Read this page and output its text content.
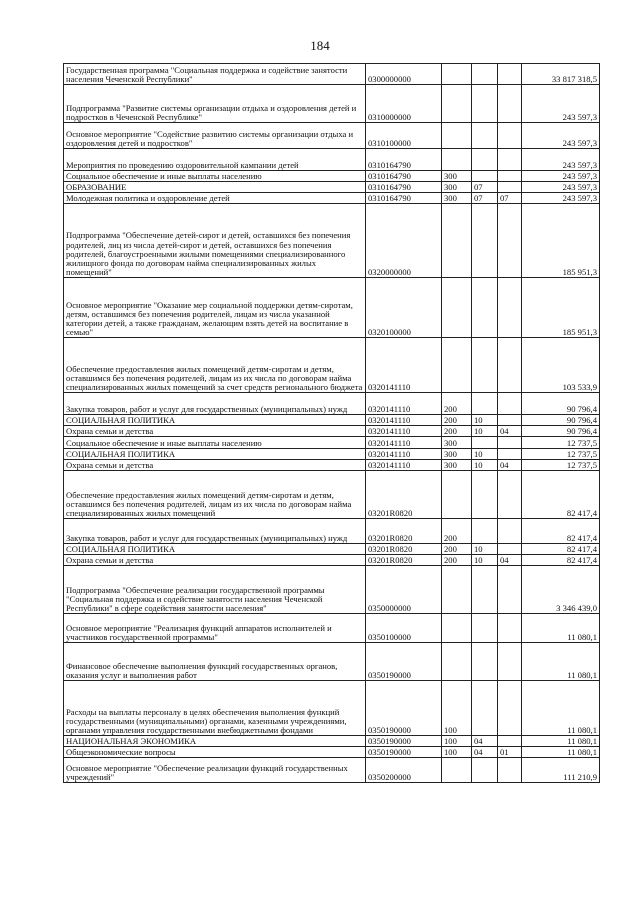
184
Государственная программа "Социальная поддержка и содействие занятости населения Чеченской Республики"	0300000000				33 817 318,5
Подпрограмма "Развитие системы организации отдыха и оздоровления детей и подростков в Чеченской Республике"	0310000000				243 597,3
Основное мероприятие "Содействие развитию системы организации отдыха и оздоровления детей и подростков"	0310100000				243 597,3
Мероприятия по проведению оздоровительной кампании детей	0310164790				243 597,3
Социальное обеспечение и иные выплаты населению	0310164790	300			243 597,3
ОБРАЗОВАНИЕ	0310164790	300	07		243 597,3
Молодежная политика и оздоровление детей	0310164790	300	07	07	243 597,3
Подпрограмма "Обеспечение детей-сирот и детей, оставшихся без попечения родителей, лиц из числа детей-сирот и детей, оставшихся без попечения родителей, благоустроенными жилыми помещениями специализированного жилищного фонда по договорам найма специализированных жилых помещений"	0320000000				185 951,3
Основное мероприятие "Оказание мер социальной поддержки детям-сиротам, детям, оставшимся без попечения родителей, лицам из числа указанной категории детей, а также гражданам, желающим взять детей на воспитание в семью"	0320100000				185 951,3
Обеспечение предоставления жилых помещений детям-сиротам и детям, оставшимся без попечения родителей, лицам из их числа по договорам найма специализированных жилых помещений за счет средств регионального бюджета	0320141110				103 533,9
Закупка товаров, работ и услуг для государственных (муниципальных) нужд	0320141110	200			90 796,4
СОЦИАЛЬНАЯ ПОЛИТИКА	0320141110	200	10		90 796,4
Охрана семьи и детства	0320141110	200	10	04	90 796,4
Социальное обеспечение и иные выплаты населению	0320141110	300			12 737,5
СОЦИАЛЬНАЯ ПОЛИТИКА	0320141110	300	10		12 737,5
Охрана семьи и детства	0320141110	300	10	04	12 737,5
Обеспечение предоставления жилых помещений детям-сиротам и детям, оставшимся без попечения родителей, лицам из их числа по договорам найма специализированных жилых помещений	03201R0820				82 417,4
Закупка товаров, работ и услуг для государственных (муниципальных) нужд	03201R0820	200			82 417,4
СОЦИАЛЬНАЯ ПОЛИТИКА	03201R0820	200	10		82 417,4
Охрана семьи и детства	03201R0820	200	10	04	82 417,4
Подпрограмма "Обеспечение реализации государственной программы "Социальная поддержка и содействие занятости населения Чеченской Республики" в сфере содействия занятости населения"	0350000000				3 346 439,0
Основное мероприятие "Реализация функций аппаратов исполнителей и участников государственной программы"	0350100000				11 080,1
Финансовое обеспечение выполнения функций государственных органов, оказания услуг и выполнения работ	0350190000				11 080,1
Расходы на выплаты персоналу в целях обеспечения выполнения функций государственными (муниципальными) органами, казенными учреждениями, органами управления государственными внебюджетными фондами	0350190000	100			11 080,1
НАЦИОНАЛЬНАЯ ЭКОНОМИКА	0350190000	100	04		11 080,1
Общеэкономические вопросы	0350190000	100	04	01	11 080,1
Основное мероприятие "Обеспечение реализации функций государственных учреждений"	0350200000				111 210,9
